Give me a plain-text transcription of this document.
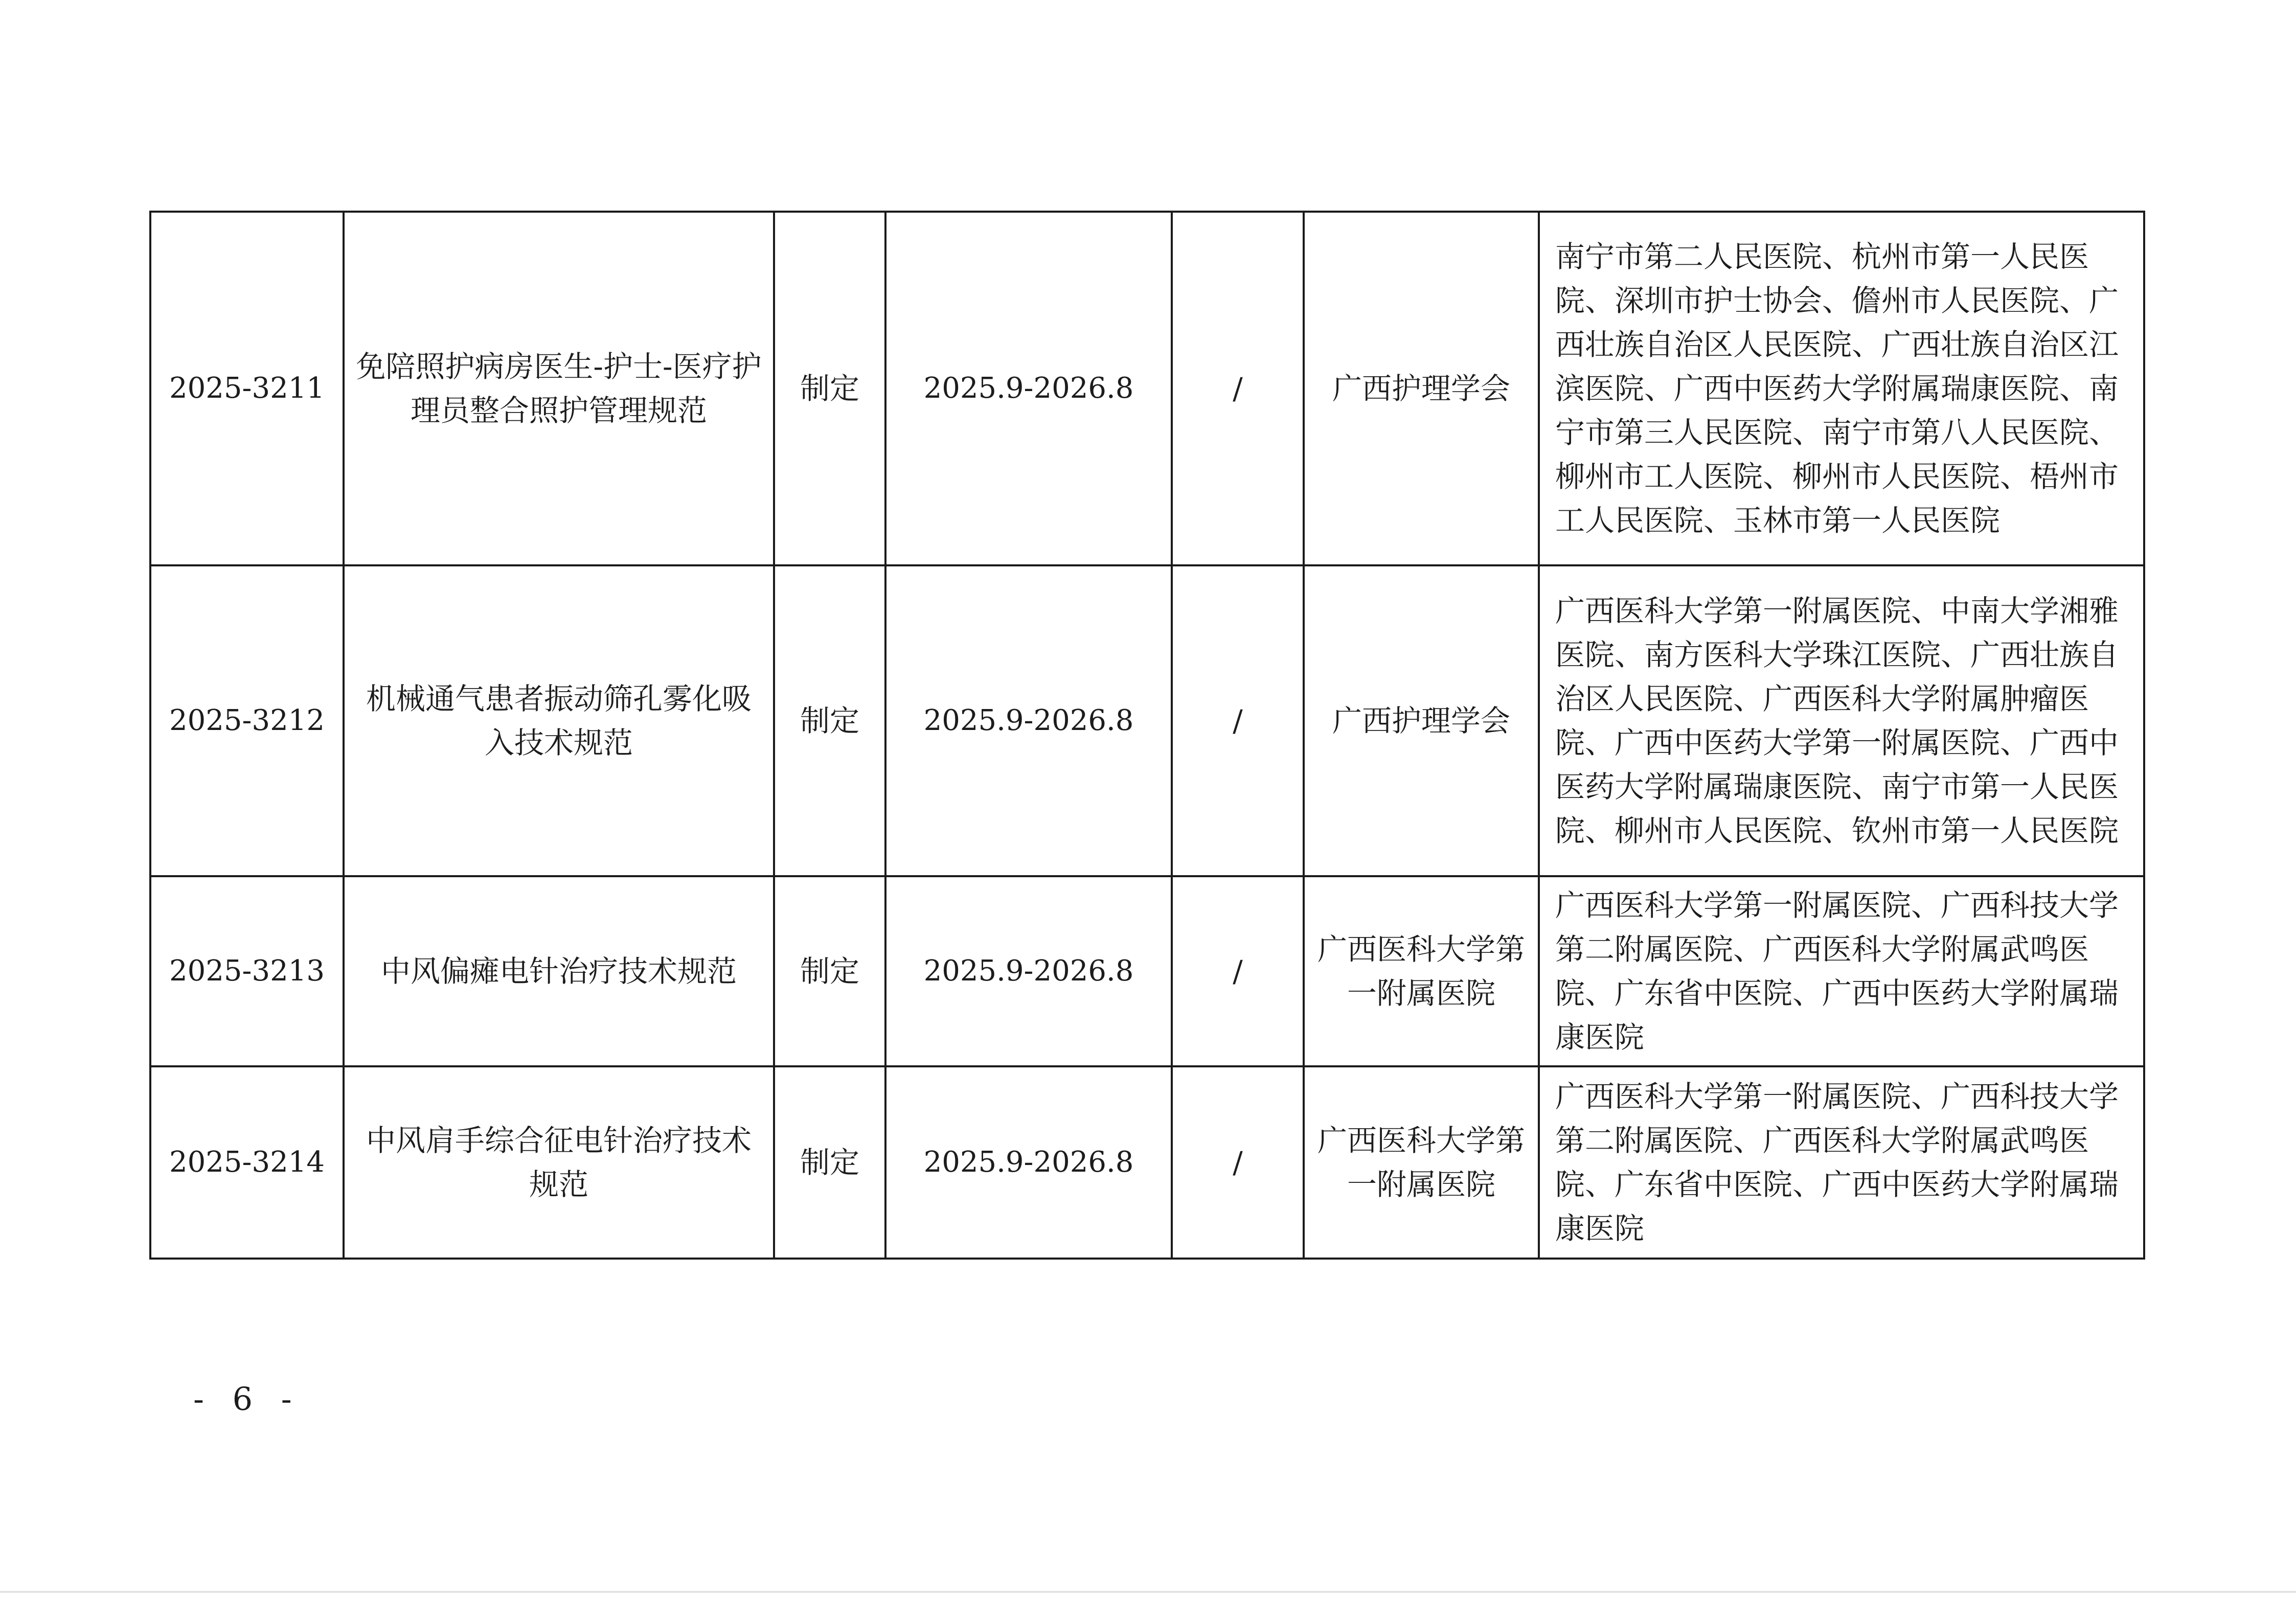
2025-3211	免陪照护病房医生-护士-医疗护理员整合照护管理规范	制定	2025.9-2026.8	/	广西护理学会	南宁市第二人民医院、杭州市第一人民医院、深圳市护士协会、儋州市人民医院、广西壮族自治区人民医院、广西壮族自治区江滨医院、广西中医药大学附属瑞康医院、南宁市第三人民医院、南宁市第八人民医院、柳州市工人医院、柳州市人民医院、梧州市工人民医院、玉林市第一人民医院
2025-3212	机械通气患者振动筛孔雾化吸入技术规范	制定	2025.9-2026.8	/	广西护理学会	广西医科大学第一附属医院、中南大学湘雅医院、南方医科大学珠江医院、广西壮族自治区人民医院、广西医科大学附属肿瘤医院、广西中医药大学第一附属医院、广西中医药大学附属瑞康医院、南宁市第一人民医院、柳州市人民医院、钦州市第一人民医院
2025-3213	中风偏瘫电针治疗技术规范	制定	2025.9-2026.8	/	广西医科大学第一附属医院	广西医科大学第一附属医院、广西科技大学第二附属医院、广西医科大学附属武鸣医院、广东省中医院、广西中医药大学附属瑞康医院
2025-3214	中风肩手综合征电针治疗技术规范	制定	2025.9-2026.8	/	广西医科大学第一附属医院	广西医科大学第一附属医院、广西科技大学第二附属医院、广西医科大学附属武鸣医院、广东省中医院、广西中医药大学附属瑞康医院
- 6 -
